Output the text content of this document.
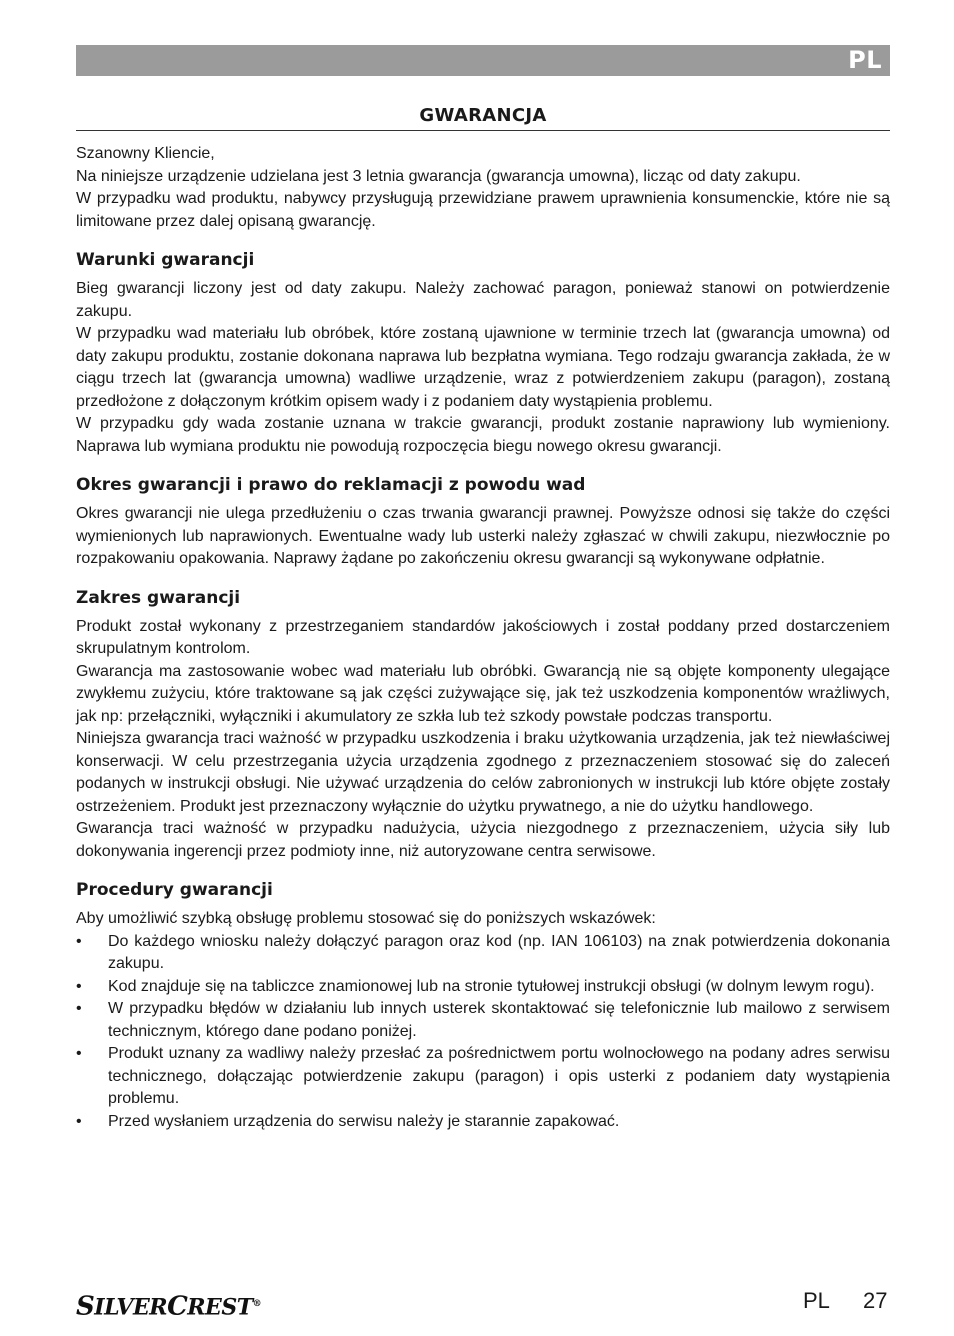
PL
GWARANCJA

Szanowny Kliencie,

Na niniejsze urządzenie udzielana jest 3 letnia gwarancja (gwarancja umowna), licząc od daty zakupu.

W przypadku wad produktu, nabywcy przysługują przewidziane prawem uprawnienia konsumenckie, które nie są limitowane przez dalej opisaną gwarancję.

Warunki gwarancji

Bieg gwarancji liczony jest od daty zakupu. Należy zachować paragon, ponieważ stanowi on potwierdzenie zakupu.

W przypadku wad materiału lub obróbek, które zostaną ujawnione w terminie trzech lat (gwarancja umowna) od daty zakupu produktu, zostanie dokonana naprawa lub bezpłatna wymiana. Tego rodzaju gwarancja zakłada, że w ciągu trzech lat (gwarancja umowna) wadliwe urządzenie, wraz z potwierdzeniem zakupu (paragon), zostaną przedłożone z dołączonym krótkim opisem wady i z podaniem daty wystąpienia problemu.

W przypadku gdy wada zostanie uznana w trakcie gwarancji, produkt zostanie naprawiony lub wymieniony. Naprawa lub wymiana produktu nie powodują rozpoczęcia biegu nowego okresu gwarancji.

Okres gwarancji i prawo do reklamacji z powodu wad

Okres gwarancji nie ulega przedłużeniu o czas trwania gwarancji prawnej. Powyższe odnosi się także do części wymienionych lub naprawionych. Ewentualne wady lub usterki należy zgłaszać w chwili zakupu, niezwłocznie po rozpakowaniu opakowania. Naprawy żądane po zakończeniu okresu gwarancji są wykonywane odpłatnie.

Zakres gwarancji

Produkt został wykonany z przestrzeganiem standardów jakościowych i został poddany przed dostarczeniem skrupulatnym kontrolom.

Gwarancja ma zastosowanie wobec wad materiału lub obróbki. Gwarancją nie są objęte komponenty ulegające zwykłemu zużyciu, które traktowane są jak części zużywające się, jak też uszkodzenia komponentów wrażliwych, jak np: przełączniki, wyłączniki i akumulatory ze szkła lub też szkody powstałe podczas transportu.

Niniejsza gwarancja traci ważność w przypadku uszkodzenia i braku użytkowania urządzenia, jak też niewłaściwej konserwacji. W celu przestrzegania użycia urządzenia zgodnego z przeznaczeniem stosować się do zaleceń podanych w instrukcji obsługi. Nie używać urządzenia do celów zabronionych w instrukcji lub które objęte zostały ostrzeżeniem. Produkt jest przeznaczony wyłącznie do użytku prywatnego, a nie do użytku handlowego.

Gwarancja traci ważność w przypadku nadużycia, użycia niezgodnego z przeznaczeniem, użycia siły lub dokonywania ingerencji przez podmioty inne, niż autoryzowane centra serwisowe.

Procedury gwarancji

Aby umożliwić szybką obsługę problemu stosować się do poniższych wskazówek:

• Do każdego wniosku należy dołączyć paragon oraz kod (np. IAN 106103) na znak potwierdzenia dokonania zakupu.
• Kod znajduje się na tabliczce znamionowej lub na stronie tytułowej instrukcji obsługi (w dolnym lewym rogu).
• W przypadku błędów w działaniu lub innych usterek skontaktować się telefonicznie lub mailowo z serwisem technicznym, którego dane podano poniżej.
• Produkt uznany za wadliwy należy przesłać za pośrednictwem portu wolnocłowego na podany adres serwisu technicznego, dołączając potwierdzenie zakupu (paragon) i opis usterki z podaniem daty wystąpienia problemu.
• Przed wysłaniem urządzenia do serwisu należy je starannie zapakować.
SILVERCREST®	PL 27
